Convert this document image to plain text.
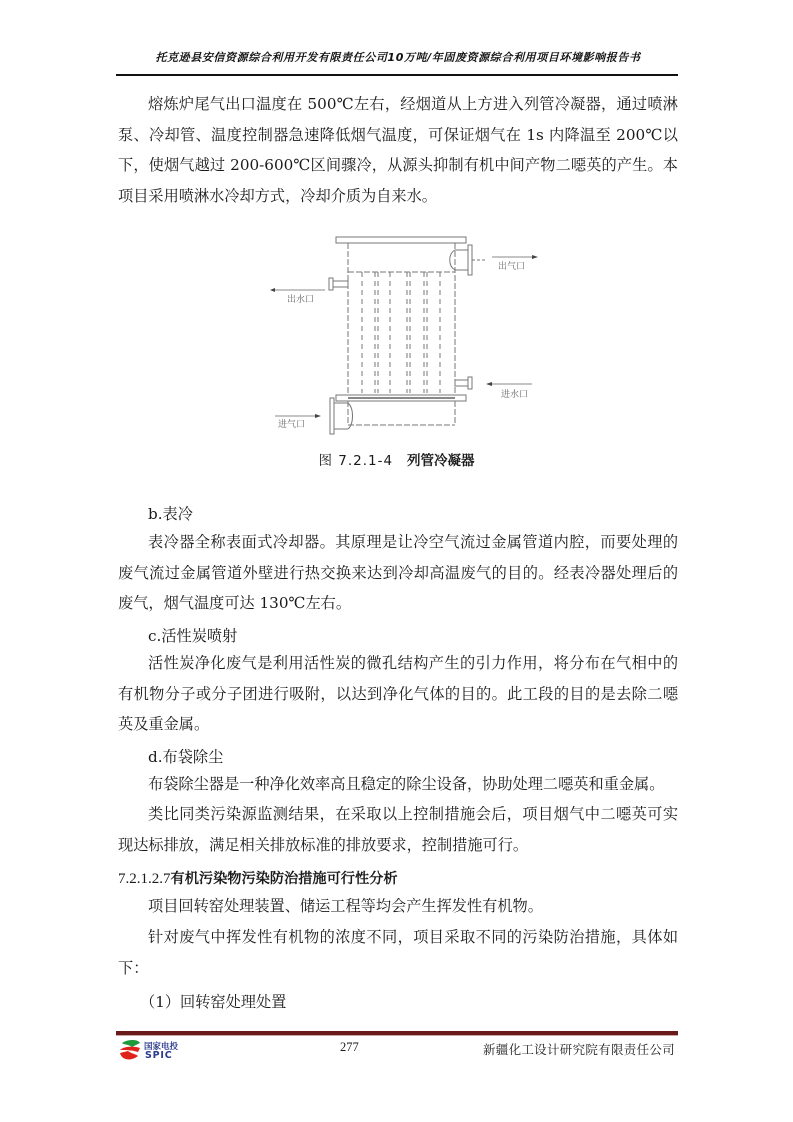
托克逊县安信资源综合利用开发有限责任公司10万吨/年固废资源综合利用项目环境影响报告书
熔炼炉尾气出口温度在 500℃左右，经烟道从上方进入列管冷凝器，通过喷淋泵、冷却管、温度控制器急速降低烟气温度，可保证烟气在 1s 内降温至 200℃以下，使烟气越过 200-600℃区间骤冷，从源头抑制有机中间产物二噁英的产生。本项目采用喷淋水冷却方式，冷却介质为自来水。
出气口
出水口
进水口
进气口
图 7.2.1-4 列管冷凝器
b.表冷
表冷器全称表面式冷却器。其原理是让冷空气流过金属管道内腔，而要处理的废气流过金属管道外壁进行热交换来达到冷却高温废气的目的。经表冷器处理后的废气，烟气温度可达 130℃左右。
c.活性炭喷射
活性炭净化废气是利用活性炭的微孔结构产生的引力作用，将分布在气相中的有机物分子或分子团进行吸附，以达到净化气体的目的。此工段的目的是去除二噁英及重金属。
d.布袋除尘
布袋除尘器是一种净化效率高且稳定的除尘设备，协助处理二噁英和重金属。
类比同类污染源监测结果，在采取以上控制措施会后，项目烟气中二噁英可实现达标排放，满足相关排放标准的排放要求，控制措施可行。
7.2.1.2.7有机污染物污染防治措施可行性分析
项目回转窑处理装置、储运工程等均会产生挥发性有机物。
针对废气中挥发性有机物的浓度不同，项目采取不同的污染防治措施，具体如下：
（1）回转窑处理处置
国家电投
SPIC
277	新疆化工设计研究院有限责任公司
